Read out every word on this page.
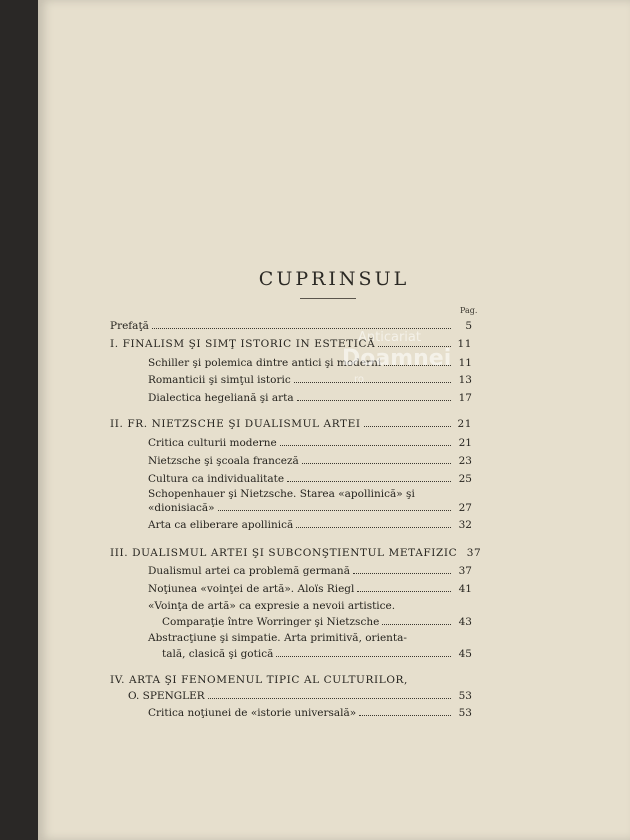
CUPRINSUL
Pag.
Prefaţă	5
I. FINALISM ŞI SIMŢ ISTORIC IN ESTETICĂ	11
Schiller şi polemica dintre antici şi moderni	11
Romanticii şi simţul istoric	13
Dialectica hegeliană şi arta	17
II. FR. NIETZSCHE ŞI DUALISMUL ARTEI	21
Critica culturii moderne	21
Nietzsche şi şcoala franceză	23
Cultura ca individualitate	25
Schopenhauer şi Nietzsche. Starea «apollinică» şi
«dionisiacă»	27
Arta ca eliberare apollinică	32
III. DUALISMUL ARTEI ŞI SUBCONŞTIENTUL METAFIZIC 37
Dualismul artei ca problemă germană	37
Noţiunea «voinţei de artă». Aloïs Riegl	41
«Voinţa de artă» ca expresie a nevoii artistice.
Comparaţie între Worringer şi Nietzsche	43
Abstracţiune şi simpatie. Arta primitivă, orienta-
tală, clasică şi gotică	45
IV. ARTA ŞI FENOMENUL TIPIC AL CULTURILOR,
O. SPENGLER	53
Critica noţiunei de «istorie universală»	53
Anticariat
Doamnei
ro
